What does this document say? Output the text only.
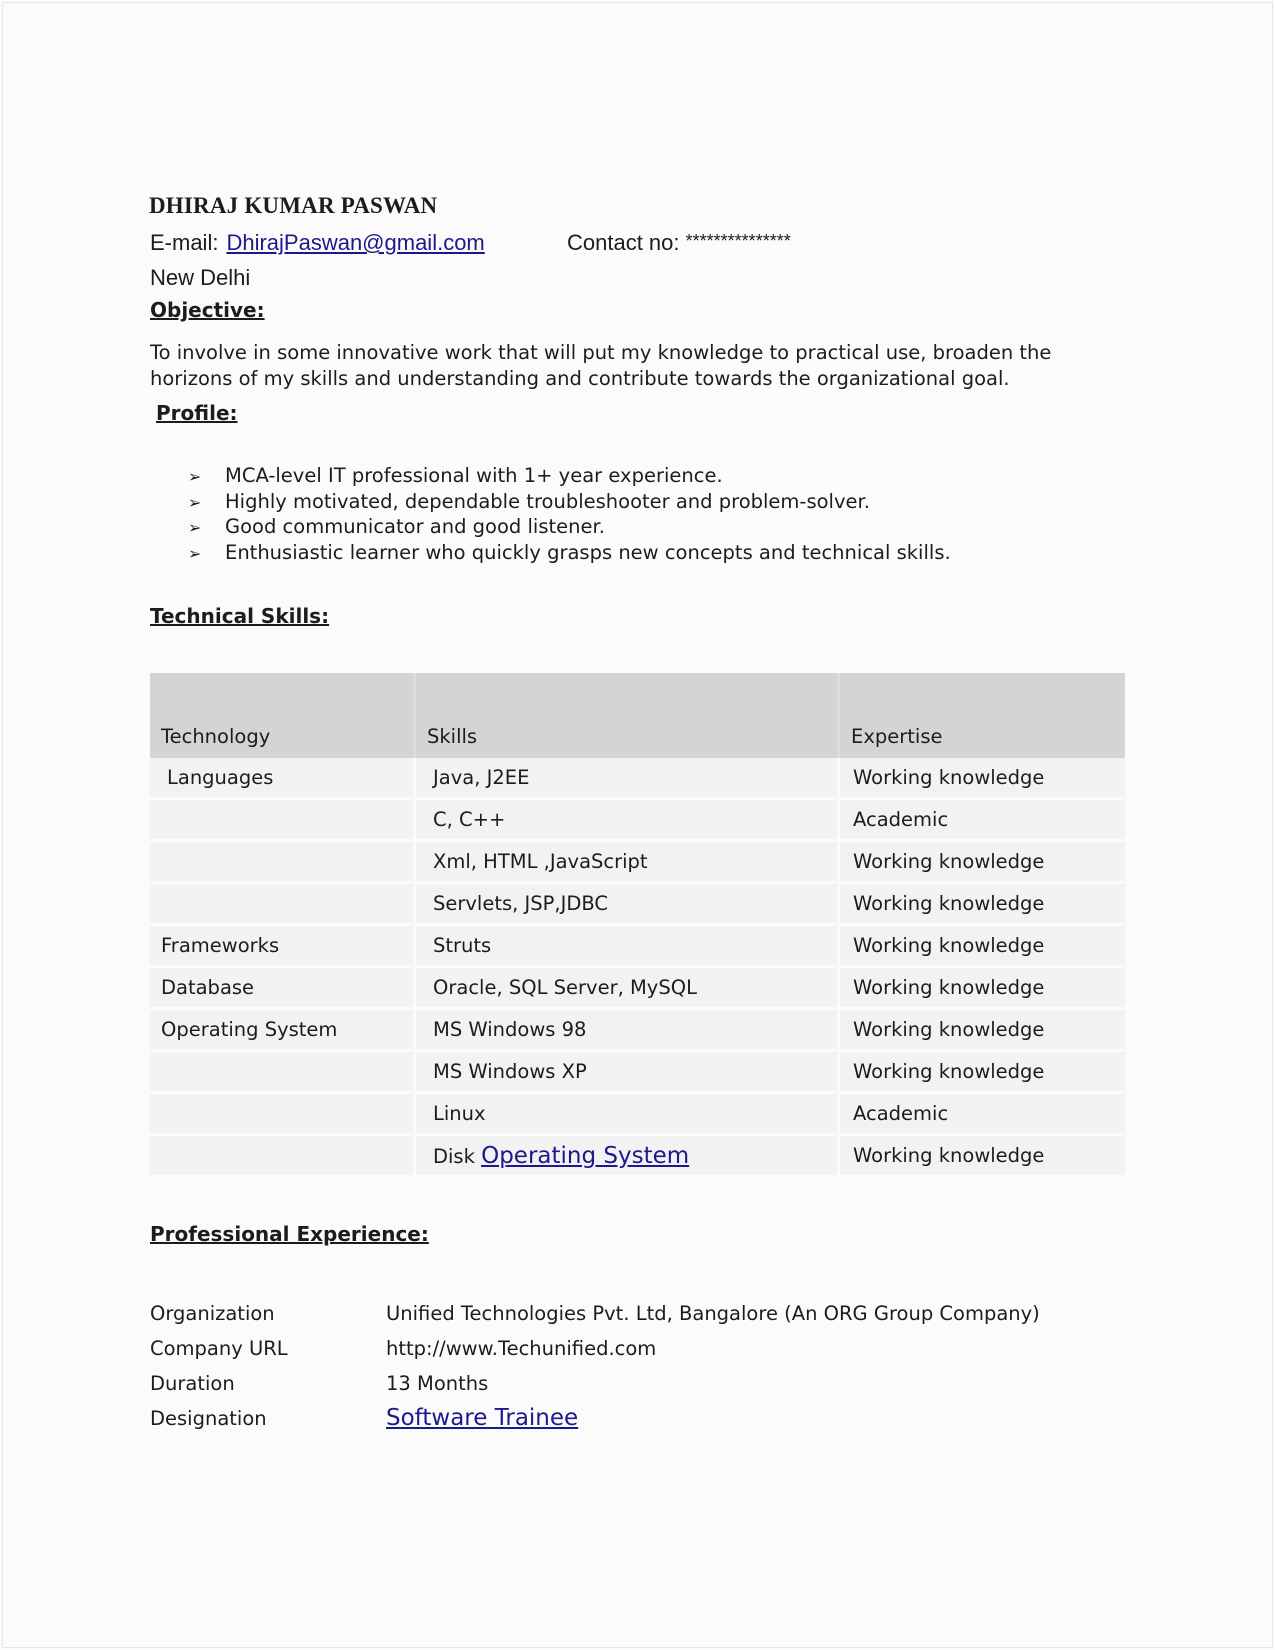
DHIRAJ KUMAR PASWAN
E-mail: DhirajPaswan@gmail.com	Contact no: ***************
New Delhi
Objective:

To involve in some innovative work that will put my knowledge to practical use, broaden the horizons of my skills and understanding and contribute towards the organizational goal.

Profile:
➢ MCA-level IT professional with 1+ year experience.
➢ Highly motivated, dependable troubleshooter and problem-solver.
➢ Good communicator and good listener.
➢ Enthusiastic learner who quickly grasps new concepts and technical skills.
Technical Skills:
Technology	Skills	Expertise
Languages	Java, J2EE	Working knowledge
	C, C++	Academic
	Xml, HTML ,JavaScript	Working knowledge
	Servlets, JSP,JDBC	Working knowledge
Frameworks	Struts	Working knowledge
Database	Oracle, SQL Server, MySQL	Working knowledge
Operating System	MS Windows 98	Working knowledge
	MS Windows XP	Working knowledge
	Linux	Academic
	Disk Operating System	Working knowledge
Professional Experience:
Organization	Unified Technologies Pvt. Ltd, Bangalore (An ORG Group Company)
Company URL	http://www.Techunified.com
Duration	13 Months
Designation	Software Trainee
